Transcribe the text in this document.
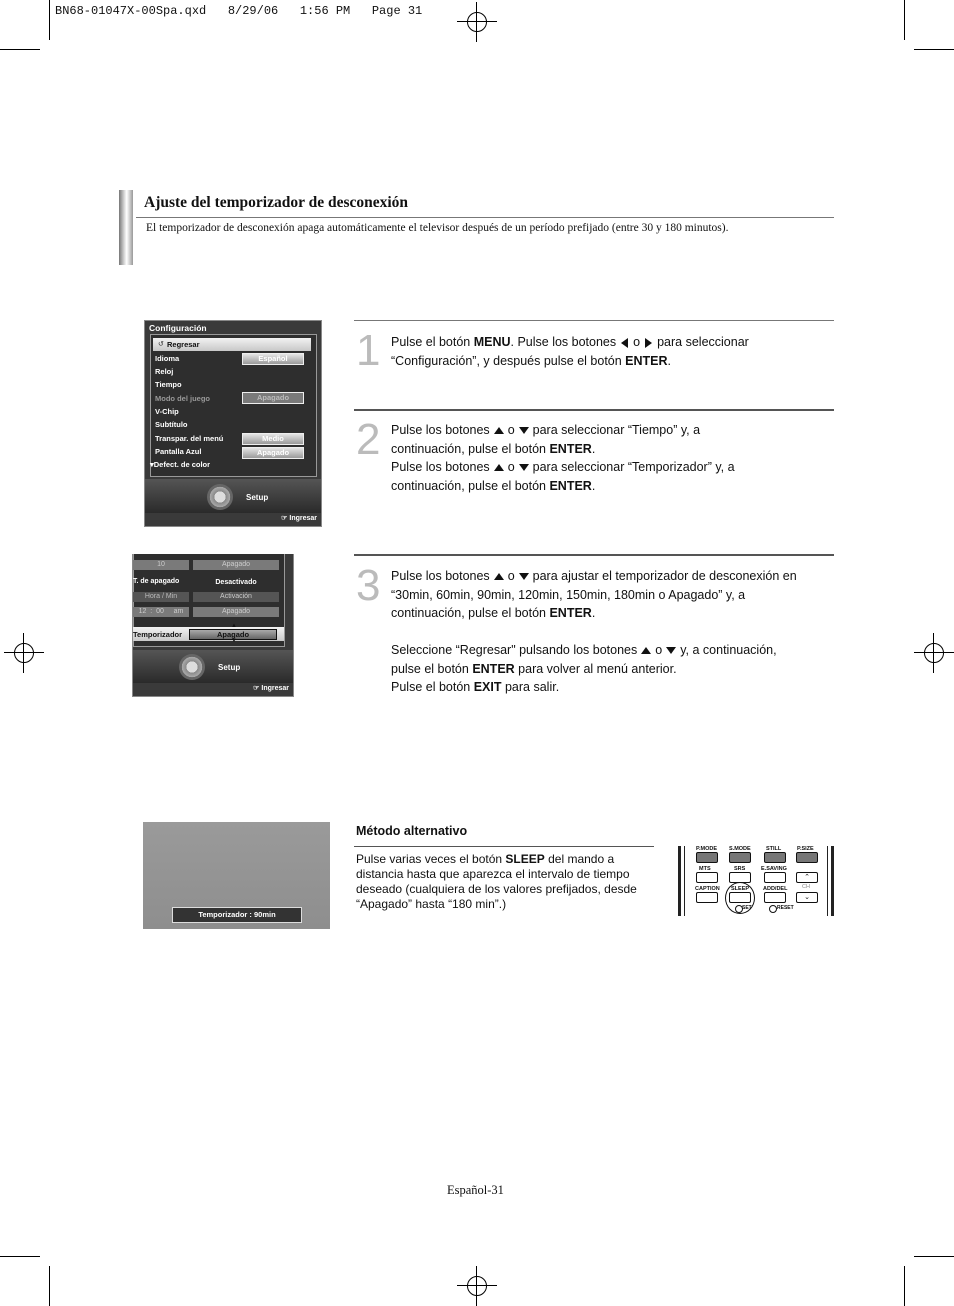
BN68-01047X-00Spa.qxd   8/29/06   1:56 PM   Page 31
Ajuste del temporizador de desconexión
El temporizador de desconexión apaga automáticamente el televisor después de un período prefijado (entre 30 y 180 minutos).
Configuración
↺ Regresar
Idioma	Español
Reloj
Tiempo
Modo del juego	Apagado
V-Chip
Subtítulo
Transpar. del menú	Medio
Pantalla Azul	Apagado
▾Defect. de color
Setup
☞ Ingresar
10	Apagado
T. de apagado	Desactivado
Hora / Min	Activación
12  :  00     am	Apagado
Temporizador	Apagado
▲
▼
Setup
☞ Ingresar
1 Pulse el botón MENU. Pulse los botones o para seleccionar
“Configuración”, y después pulse el botón ENTER.
2 Pulse los botones o para seleccionar “Tiempo” y, a
continuación, pulse el botón ENTER.
Pulse los botones o para seleccionar “Temporizador” y, a
continuación, pulse el botón ENTER.
3 Pulse los botones o para ajustar el temporizador de desconexión en
“30min, 60min, 90min, 120min, 150min, 180min o Apagado” y, a
continuación, pulse el botón ENTER.

Seleccione “Regresar" pulsando los botones o y, a continuación,
pulse el botón ENTER para volver al menú anterior.
Pulse el botón EXIT para salir.
Temporizador : 90min
Método alternativo
Pulse varias veces el botón SLEEP del mando a distancia hasta que aparezca el intervalo de tiempo deseado (cualquiera de los valores prefijados, desde “Apagado” hasta “180 min”.)
P.MODE S.MODE	STILL	P.SIZE
MTS	SRS	E.SAVING
⌃
CAPTION SLEEP	ADD/DEL	CH
⌄
SET	RESET
Español-31
